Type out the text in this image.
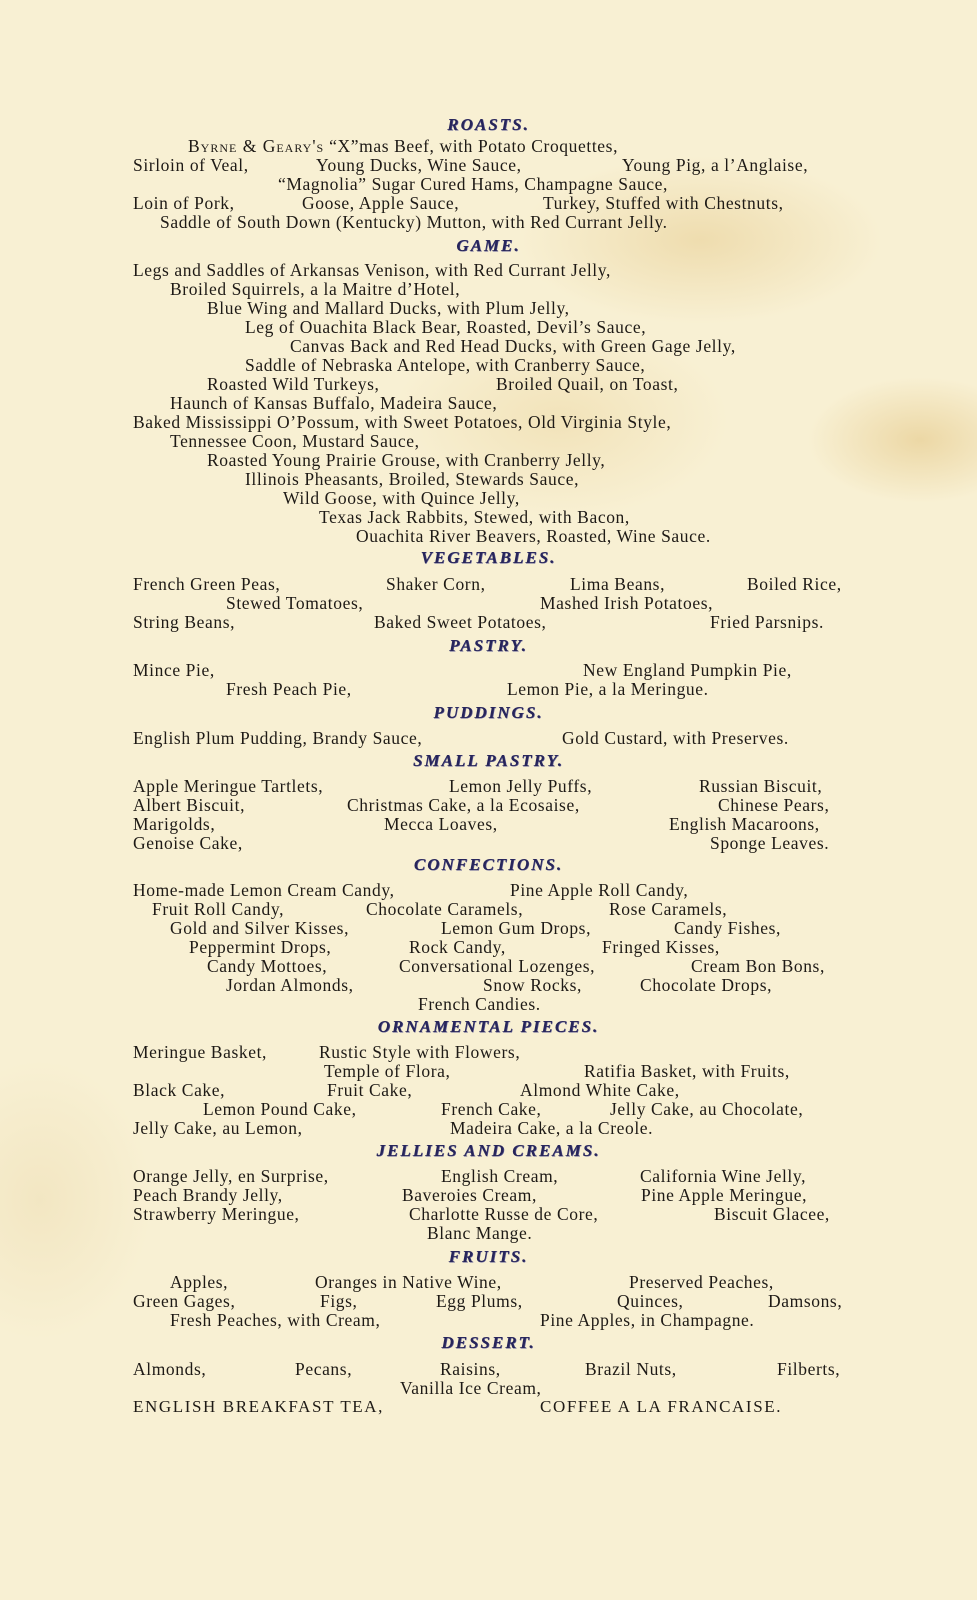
ROASTS.
Byrne & Geary's “X”mas Beef, with Potato Croquettes,
Sirloin of Veal,	Young Ducks, Wine Sauce,	Young Pig, a l’Anglaise,
“Magnolia” Sugar Cured Hams, Champagne Sauce,
Loin of Pork,	Goose, Apple Sauce,	Turkey, Stuffed with Chestnuts,
Saddle of South Down (Kentucky) Mutton, with Red Currant Jelly.
GAME.
Legs and Saddles of Arkansas Venison, with Red Currant Jelly,
Broiled Squirrels, a la Maitre d’Hotel,
Blue Wing and Mallard Ducks, with Plum Jelly,
Leg of Ouachita Black Bear, Roasted, Devil’s Sauce,
Canvas Back and Red Head Ducks, with Green Gage Jelly,
Saddle of Nebraska Antelope, with Cranberry Sauce,
Roasted Wild Turkeys,	Broiled Quail, on Toast,
Haunch of Kansas Buffalo, Madeira Sauce,
Baked Mississippi O’Possum, with Sweet Potatoes, Old Virginia Style,
Tennessee Coon, Mustard Sauce,
Roasted Young Prairie Grouse, with Cranberry Jelly,
Illinois Pheasants, Broiled, Stewards Sauce,
Wild Goose, with Quince Jelly,
Texas Jack Rabbits, Stewed, with Bacon,
Ouachita River Beavers, Roasted, Wine Sauce.
VEGETABLES.
French Green Peas,	Shaker Corn,	Lima Beans,	Boiled Rice,
Stewed Tomatoes,	Mashed Irish Potatoes,
String Beans,	Baked Sweet Potatoes,	Fried Parsnips.
PASTRY.
Mince Pie,	New England Pumpkin Pie,
Fresh Peach Pie,	Lemon Pie, a la Meringue.
PUDDINGS.
English Plum Pudding, Brandy Sauce,	Gold Custard, with Preserves.
SMALL PASTRY.
Apple Meringue Tartlets,	Lemon Jelly Puffs,	Russian Biscuit,
Albert Biscuit,	Christmas Cake, a la Ecosaise,	Chinese Pears,
Marigolds,	Mecca Loaves,	English Macaroons,
Genoise Cake,	Sponge Leaves.
CONFECTIONS.
Home-made Lemon Cream Candy,	Pine Apple Roll Candy,
Fruit Roll Candy,	Chocolate Caramels,	Rose Caramels,
Gold and Silver Kisses,	Lemon Gum Drops,	Candy Fishes,
Peppermint Drops,	Rock Candy,	Fringed Kisses,
Candy Mottoes,	Conversational Lozenges,	Cream Bon Bons,
Jordan Almonds,	Snow Rocks,	Chocolate Drops,
French Candies.
ORNAMENTAL PIECES.
Meringue Basket,	Rustic Style with Flowers,
Temple of Flora,	Ratifia Basket, with Fruits,
Black Cake,	Fruit Cake,	Almond White Cake,
Lemon Pound Cake,	French Cake,	Jelly Cake, au Chocolate,
Jelly Cake, au Lemon,	Madeira Cake, a la Creole.
JELLIES AND CREAMS.
Orange Jelly, en Surprise,	English Cream,	California Wine Jelly,
Peach Brandy Jelly,	Baveroies Cream,	Pine Apple Meringue,
Strawberry Meringue,	Charlotte Russe de Core,	Biscuit Glacee,
Blanc Mange.
FRUITS.
Apples,	Oranges in Native Wine,	Preserved Peaches,
Green Gages,	Figs,	Egg Plums,	Quinces,	Damsons,
Fresh Peaches, with Cream,	Pine Apples, in Champagne.
DESSERT.
Almonds,	Pecans,	Raisins,	Brazil Nuts,	Filberts,
Vanilla Ice Cream,
ENGLISH BREAKFAST TEA,	COFFEE A LA FRANCAISE.
